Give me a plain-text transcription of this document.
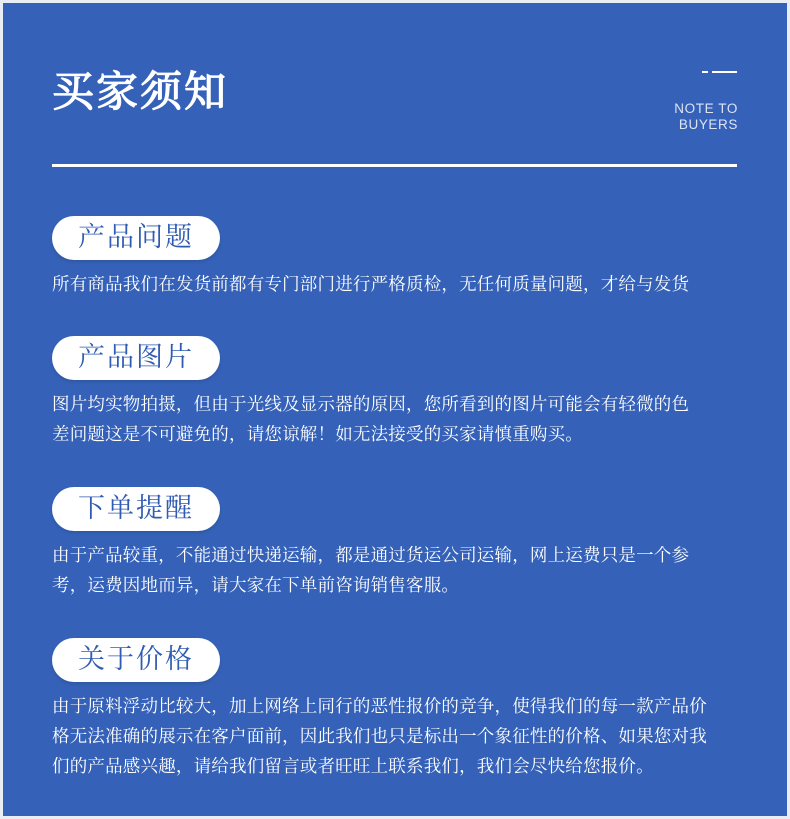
买家须知	NOTE TO
BUYERS
产品问题

所有商品我们在发货前都有专门部门进行严格质检，无任何质量问题，才给与发货

产品图片

图片均实物拍摄，但由于光线及显示器的原因，您所看到的图片可能会有轻微的色
差问题这是不可避免的，请您谅解！如无法接受的买家请慎重购买。

下单提醒

由于产品较重，不能通过快递运输，都是通过货运公司运输，网上运费只是一个参
考，运费因地而异，请大家在下单前咨询销售客服。

关于价格

由于原料浮动比较大，加上网络上同行的恶性报价的竞争，使得我们的每一款产品价
格无法准确的展示在客户面前，因此我们也只是标出一个象征性的价格、如果您对我
们的产品感兴趣，请给我们留言或者旺旺上联系我们，我们会尽快给您报价。
